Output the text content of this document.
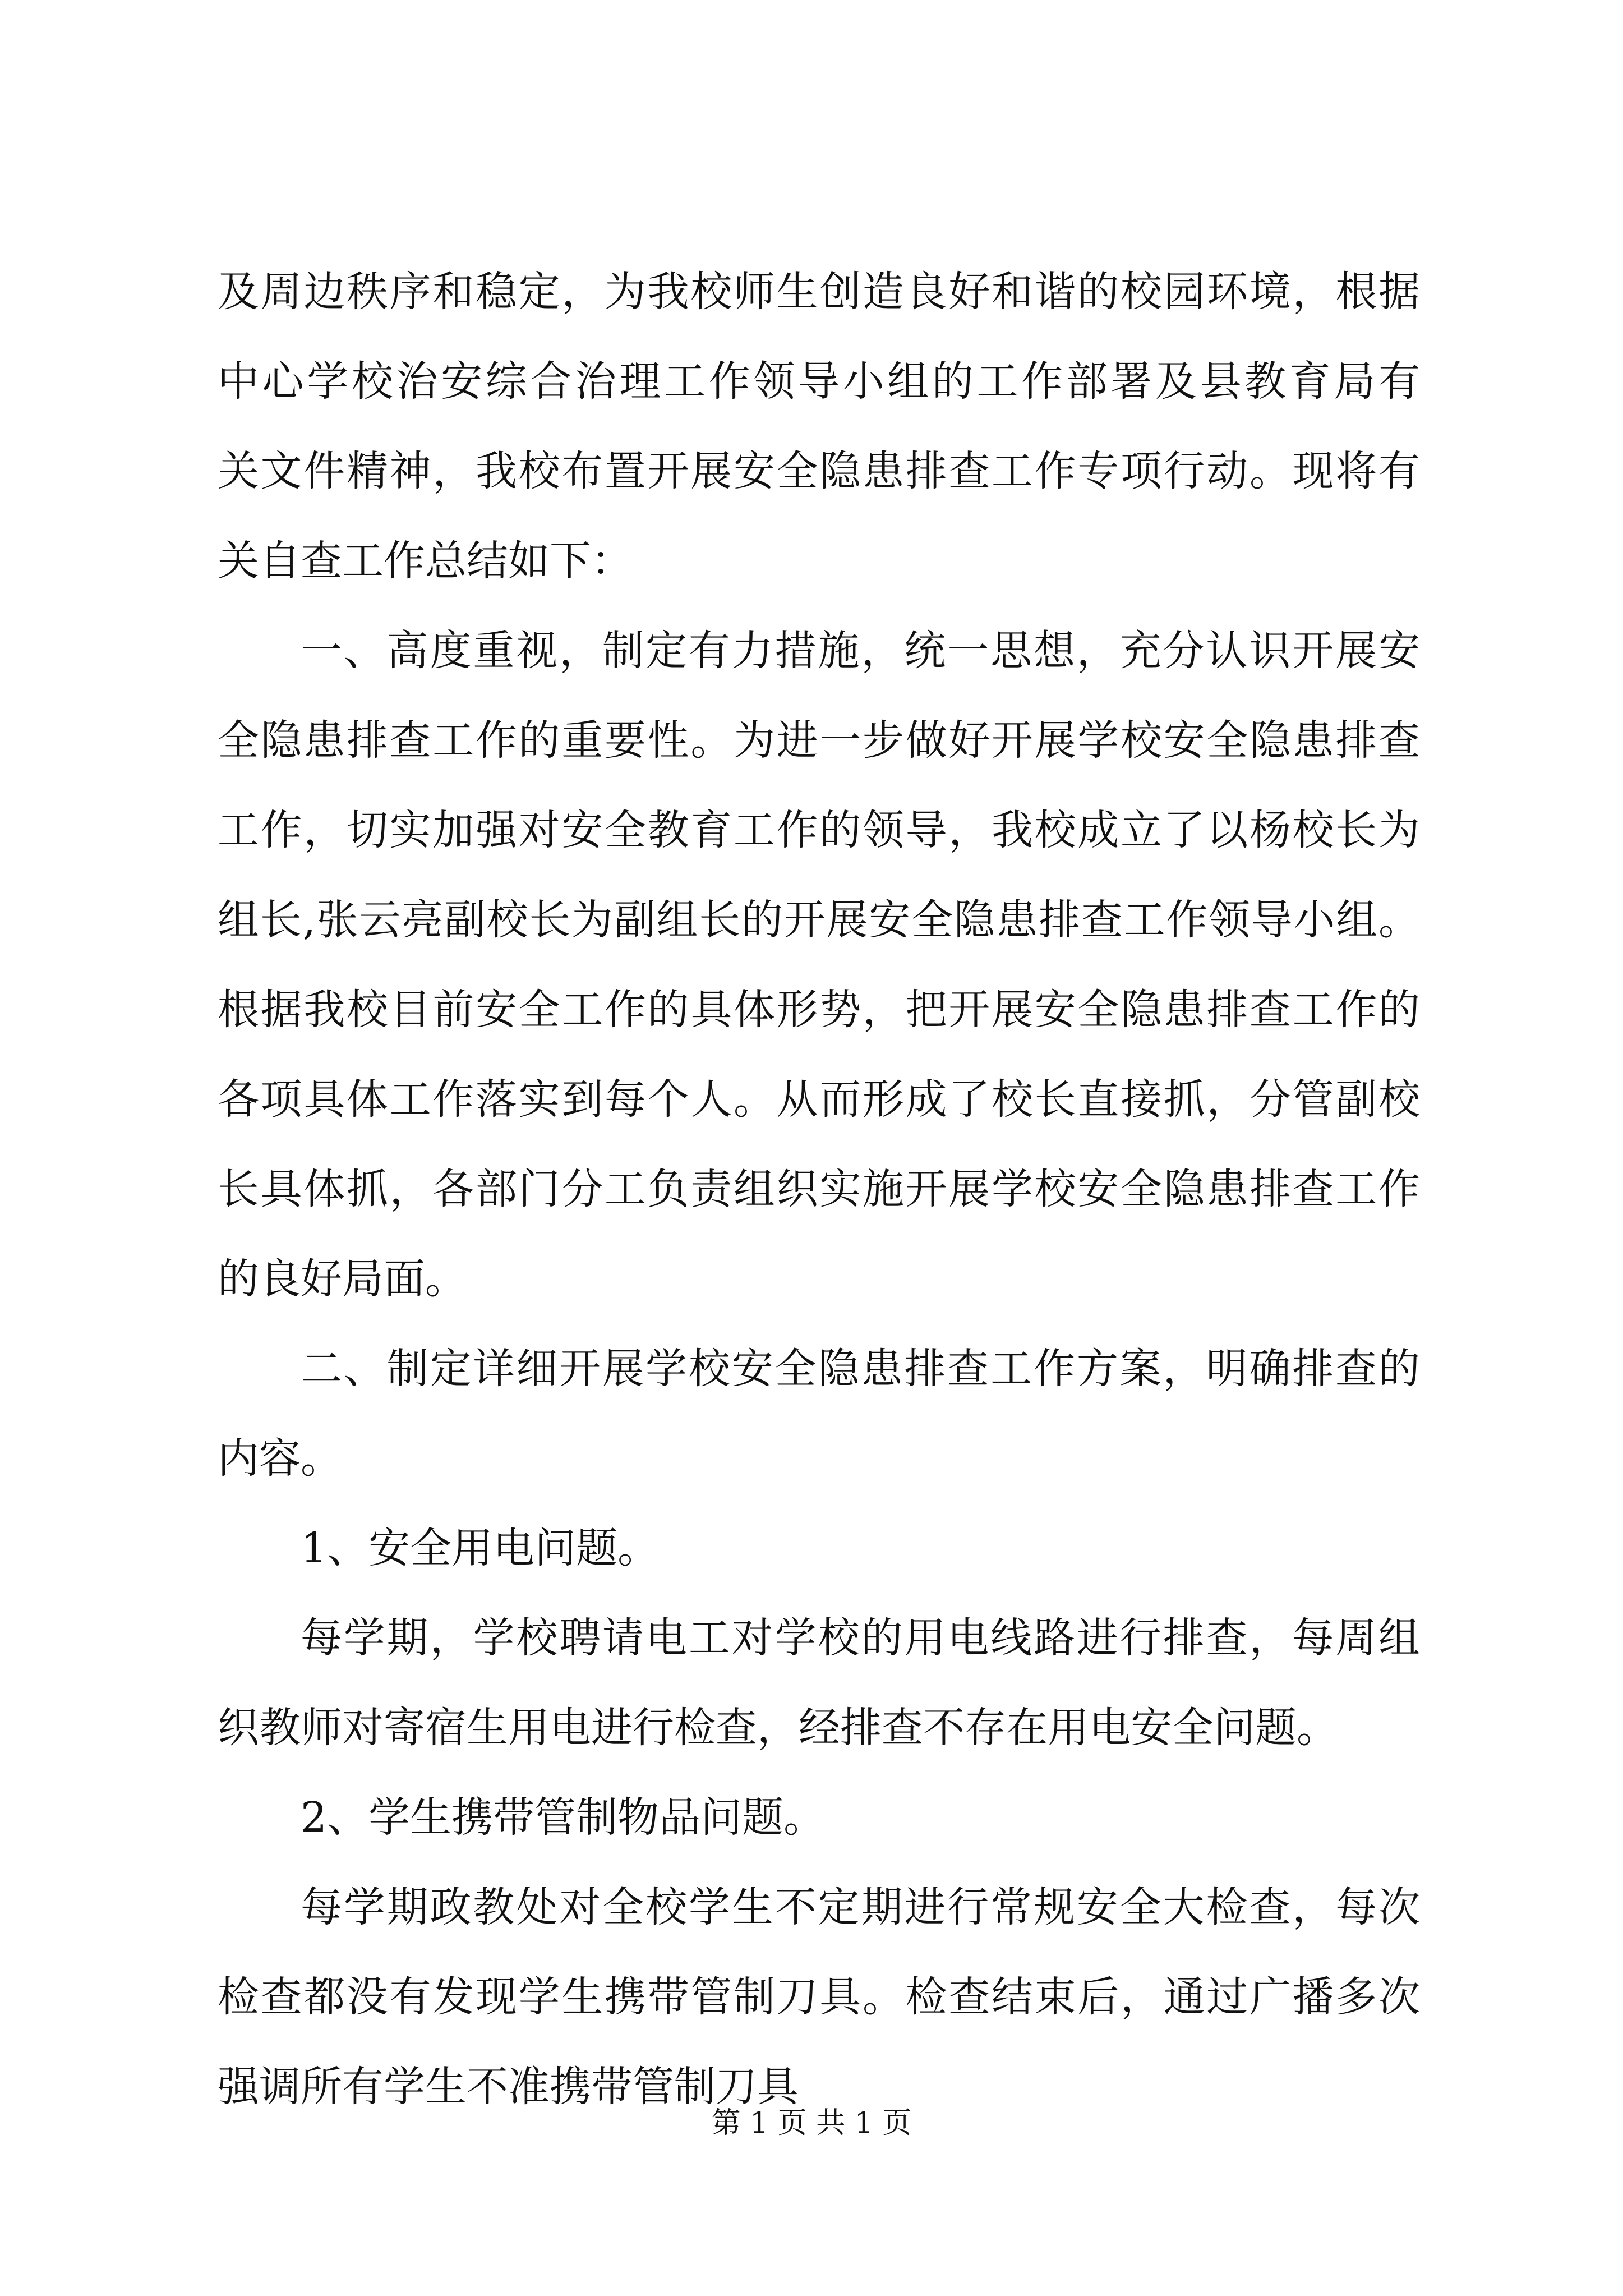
及周边秩序和稳定，为我校师生创造良好和谐的校园环境，根据
中心学校治安综合治理工作领导小组的工作部署及县教育局有
关文件精神，我校布置开展安全隐患排查工作专项行动。现将有
关自查工作总结如下：
一、高度重视，制定有力措施，统一思想，充分认识开展安
全隐患排查工作的重要性。为进一步做好开展学校安全隐患排查
工作，切实加强对安全教育工作的领导，我校成立了以杨校长为
组长,张云亮副校长为副组长的开展安全隐患排查工作领导小组。
根据我校目前安全工作的具体形势，把开展安全隐患排查工作的
各项具体工作落实到每个人。从而形成了校长直接抓，分管副校
长具体抓，各部门分工负责组织实施开展学校安全隐患排查工作
的良好局面。
二、制定详细开展学校安全隐患排查工作方案，明确排查的
内容。
1、安全用电问题。
每学期，学校聘请电工对学校的用电线路进行排查，每周组
织教师对寄宿生用电进行检查，经排查不存在用电安全问题。
2、学生携带管制物品问题。
每学期政教处对全校学生不定期进行常规安全大检查，每次
检查都没有发现学生携带管制刀具。检查结束后，通过广播多次
强调所有学生不准携带管制刀具
第 1 页 共 1 页
